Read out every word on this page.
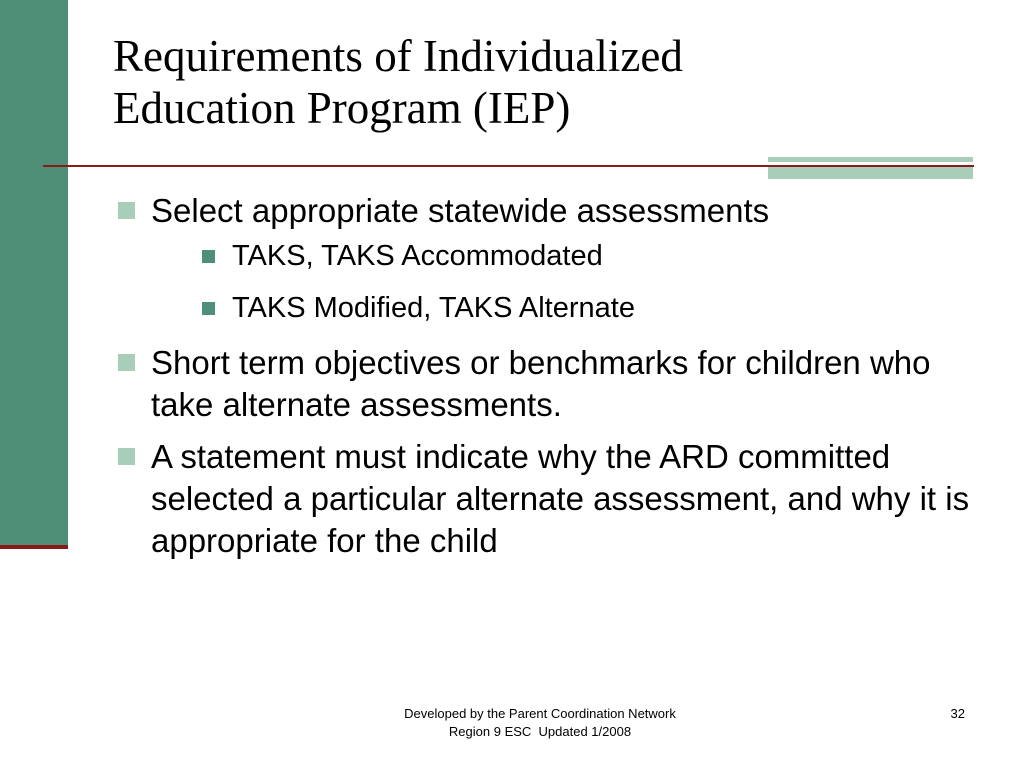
Requirements of Individualized
Education Program (IEP)
Select appropriate statewide assessments
TAKS, TAKS Accommodated
TAKS Modified, TAKS Alternate
Short term objectives or benchmarks for children who take alternate assessments.
A statement must indicate why the ARD committed selected a particular alternate assessment, and why it is appropriate for the child
Developed by the Parent Coordination Network
Region 9 ESC  Updated 1/2008
32
